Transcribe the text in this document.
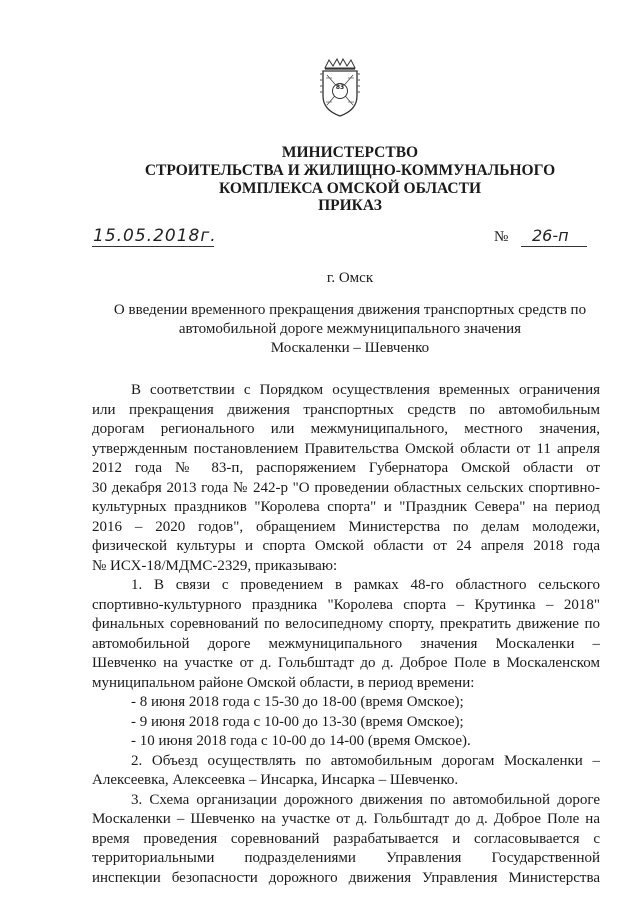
83
МИНИСТЕРСТВО
СТРОИТЕЛЬСТВА И ЖИЛИЩНО-КОММУНАЛЬНОГО
КОМПЛЕКСА ОМСКОЙ ОБЛАСТИ
ПРИКАЗ
15.05.2018г.	№ 26-п
г. Омск
О введении временного прекращения движения транспортных средств по
автомобильной дороге межмуниципального значения
Москаленки – Шевченко
В соответствии с Порядком осуществления временных ограничения
или прекращения движения транспортных средств по автомобильным
дорогам регионального или межмуниципального, местного значения,
утвержденным постановлением Правительства Омской области от 11 апреля
2012 года № 83-п, распоряжением Губернатора Омской области от
30 декабря 2013 года № 242-р "О проведении областных сельских спортивно-
культурных праздников "Королева спорта" и "Праздник Севера" на период
2016 – 2020 годов", обращением Министерства по делам молодежи,
физической культуры и спорта Омской области от 24 апреля 2018 года
№ ИСХ-18/МДМС-2329, приказываю:
1. В связи с проведением в рамках 48-го областного сельского
спортивно-культурного праздника "Королева спорта – Крутинка – 2018"
финальных соревнований по велосипедному спорту, прекратить движение по
автомобильной дороге межмуниципального значения Москаленки –
Шевченко на участке от д. Гольбштадт до д. Доброе Поле в Москаленском
муниципальном районе Омской области, в период времени:
- 8 июня 2018 года с 15-30 до 18-00 (время Омское);
- 9 июня 2018 года с 10-00 до 13-30 (время Омское);
- 10 июня 2018 года с 10-00 до 14-00 (время Омское).
2. Объезд осуществлять по автомобильным дорогам Москаленки –
Алексеевка, Алексеевка – Инсарка, Инсарка – Шевченко.
3. Схема организации дорожного движения по автомобильной дороге
Москаленки – Шевченко на участке от д. Гольбштадт до д. Доброе Поле на
время проведения соревнований разрабатывается и согласовывается с
территориальными подразделениями Управления Государственной
инспекции безопасности дорожного движения Управления Министерства
